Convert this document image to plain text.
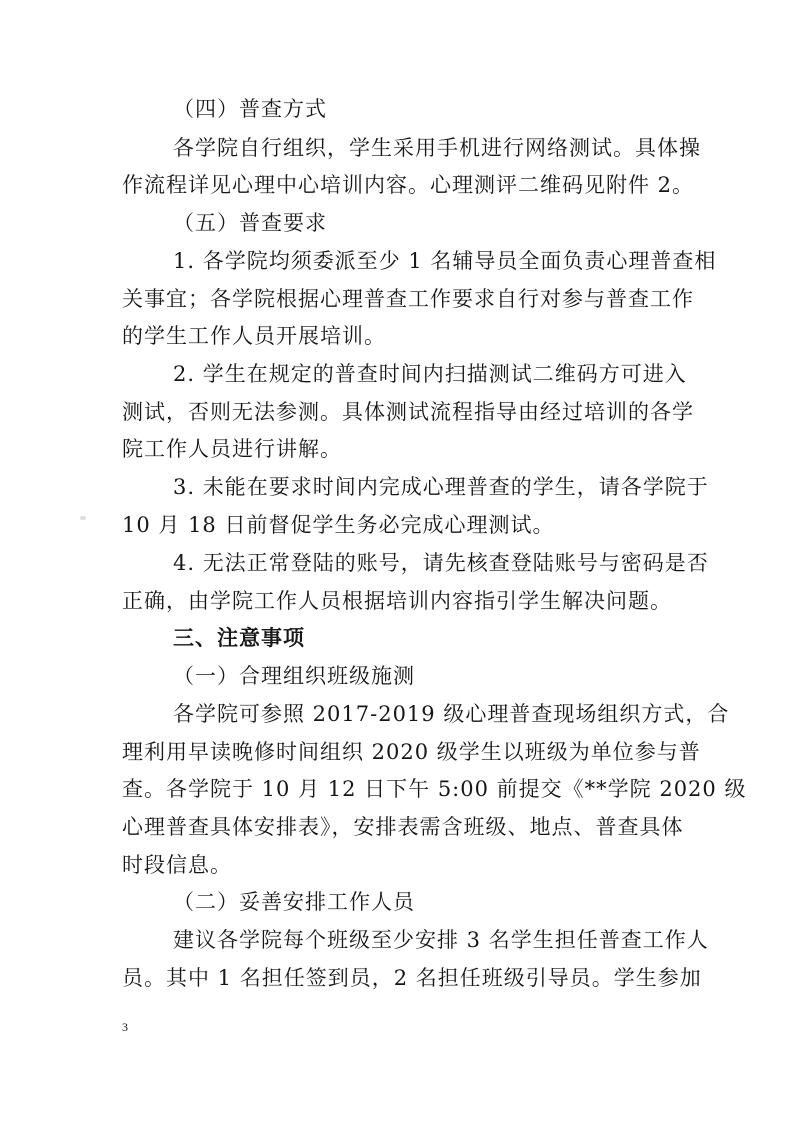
（四）普查方式
各学院自行组织，学生采用手机进行网络测试。具体操
作流程详见心理中心培训内容。心理测评二维码见附件 2。
（五）普查要求
1. 各学院均须委派至少 1 名辅导员全面负责心理普查相
关事宜；各学院根据心理普查工作要求自行对参与普查工作
的学生工作人员开展培训。
2. 学生在规定的普查时间内扫描测试二维码方可进入
测试，否则无法参测。具体测试流程指导由经过培训的各学
院工作人员进行讲解。
3. 未能在要求时间内完成心理普查的学生，请各学院于
10 月 18 日前督促学生务必完成心理测试。
4. 无法正常登陆的账号，请先核查登陆账号与密码是否
正确，由学院工作人员根据培训内容指引学生解决问题。
三、注意事项
（一）合理组织班级施测
各学院可参照 2017-2019 级心理普查现场组织方式，合
理利用早读晚修时间组织 2020 级学生以班级为单位参与普
查。各学院于 10 月 12 日下午 5:00 前提交《**学院 2020 级
心理普查具体安排表》，安排表需含班级、地点、普查具体
时段信息。
（二）妥善安排工作人员
建议各学院每个班级至少安排 3 名学生担任普查工作人
员。其中 1 名担任签到员，2 名担任班级引导员。学生参加
3
